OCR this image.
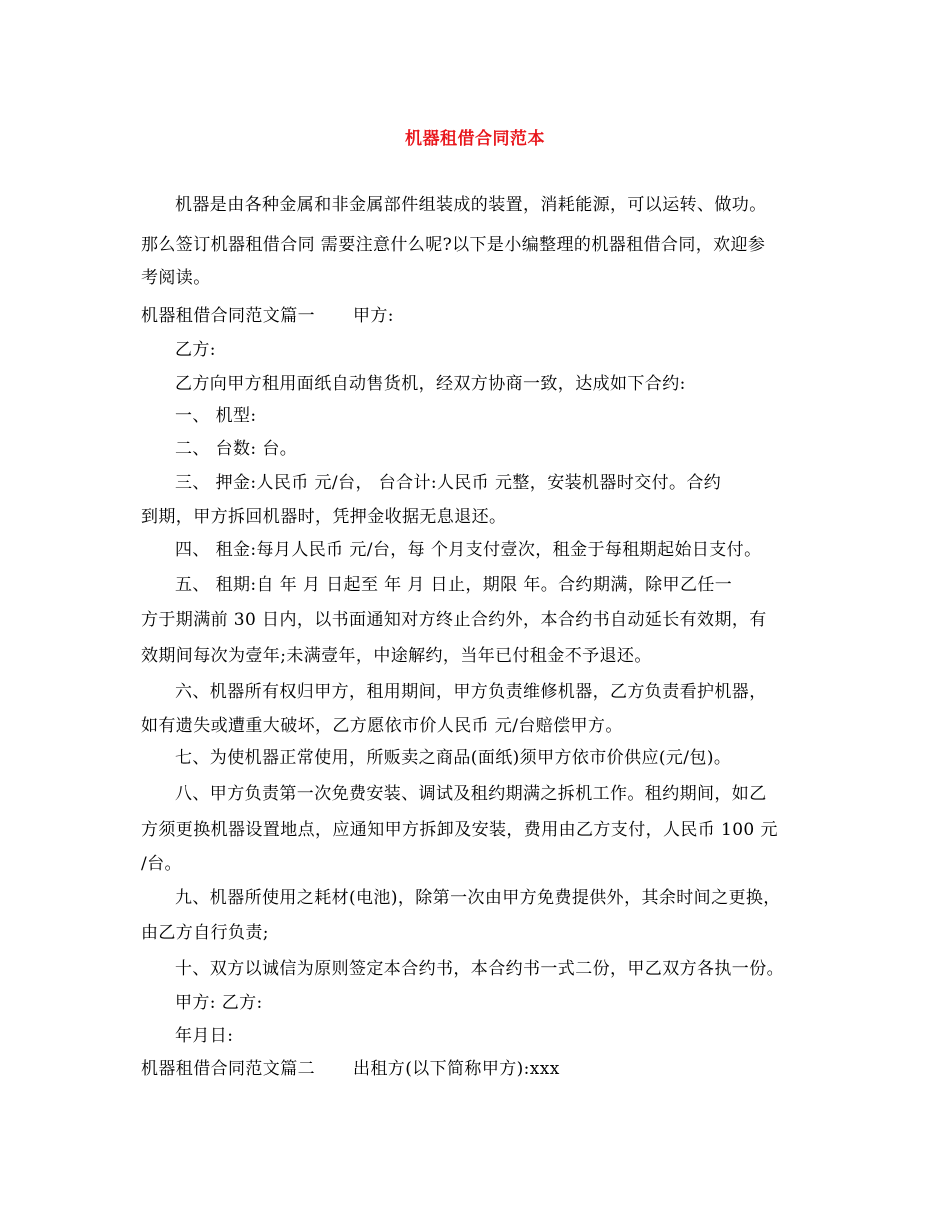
机器租借合同范本
机器是由各种金属和非金属部件组装成的装置，消耗能源，可以运转、做功。
那么签订机器租借合同 需要注意什么呢?以下是小编整理的机器租借合同，欢迎参
考阅读。
机器租借合同范文篇一 甲方:
乙方:
乙方向甲方租用面纸自动售货机，经双方协商一致，达成如下合约:
一、 机型:
二、 台数: 台。
三、 押金:人民币 元/台， 台合计:人民币 元整，安装机器时交付。合约
到期，甲方拆回机器时，凭押金收据无息退还。
四、 租金:每月人民币 元/台，每 个月支付壹次，租金于每租期起始日支付。
五、 租期:自 年 月 日起至 年 月 日止，期限 年。合约期满，除甲乙任一
方于期满前 30 日内，以书面通知对方终止合约外，本合约书自动延长有效期，有
效期间每次为壹年;未满壹年，中途解约，当年已付租金不予退还。
六、机器所有权归甲方，租用期间，甲方负责维修机器，乙方负责看护机器，
如有遗失或遭重大破坏，乙方愿依市价人民币 元/台赔偿甲方。
七、为使机器正常使用，所贩卖之商品(面纸)须甲方依市价供应(元/包)。
八、甲方负责第一次免费安装、调试及租约期满之拆机工作。租约期间，如乙
方须更换机器设置地点，应通知甲方拆卸及安装，费用由乙方支付，人民币 100 元
/台。
九、机器所使用之耗材(电池)，除第一次由甲方免费提供外，其余时间之更换，
由乙方自行负责;
十、双方以诚信为原则签定本合约书，本合约书一式二份，甲乙双方各执一份。
甲方: 乙方:
年月日:
机器租借合同范文篇二 出租方(以下简称甲方):xxx
